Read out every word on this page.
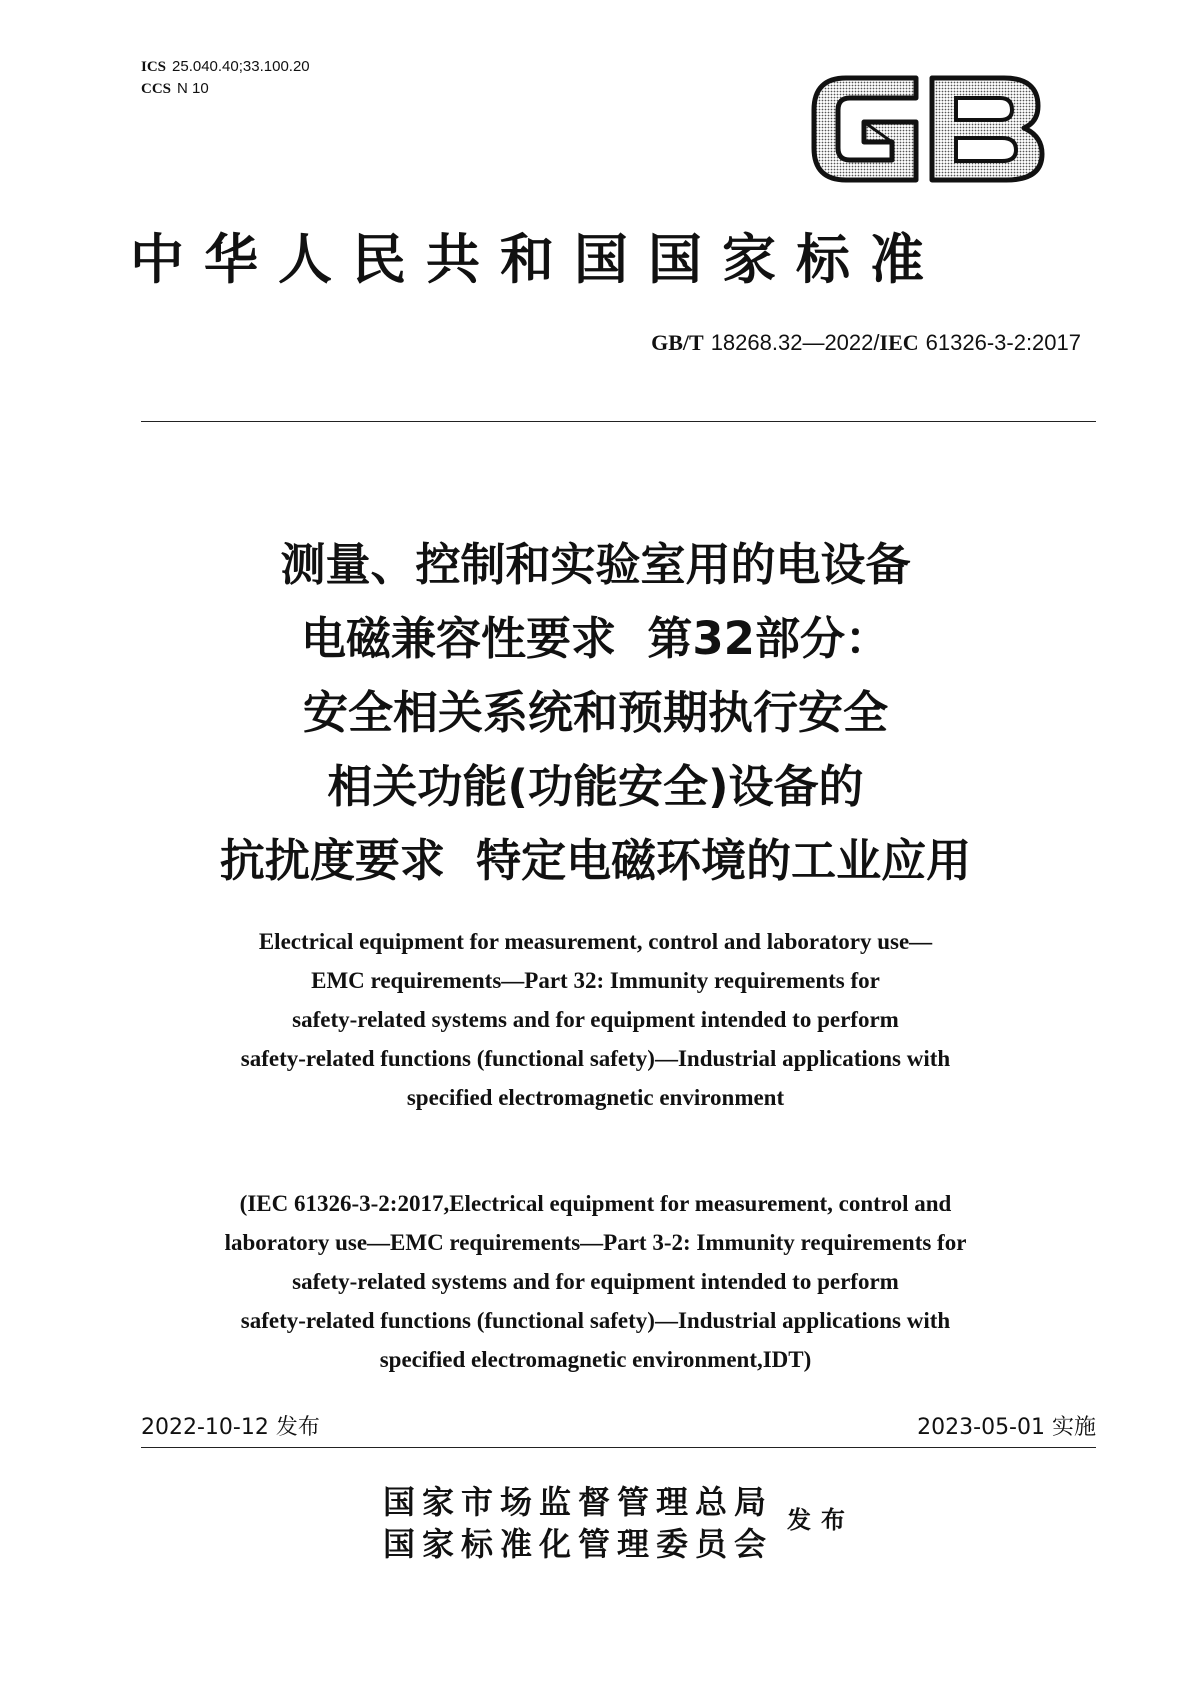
ICS 25.040.40;33.100.20
CCS N 10
中华人民共和国国家标准
GB/T 18268.32—2022/IEC 61326-3-2:2017
测量、控制和实验室用的电设备
电磁兼容性要求  第32部分：
安全相关系统和预期执行安全
相关功能(功能安全)设备的
抗扰度要求  特定电磁环境的工业应用
Electrical equipment for measurement, control and laboratory use—
EMC requirements—Part 32: Immunity requirements for
safety-related systems and for equipment intended to perform
safety-related functions (functional safety)—Industrial applications with
specified electromagnetic environment
(IEC 61326-3-2:2017,Electrical equipment for measurement, control and
laboratory use—EMC requirements—Part 3-2: Immunity requirements for
safety-related systems and for equipment intended to perform
safety-related functions (functional safety)—Industrial applications with
specified electromagnetic environment,IDT)
2022-10-12 发布	2023-05-01 实施
国家市场监督管理总局
国家标准化管理委员会
发布
